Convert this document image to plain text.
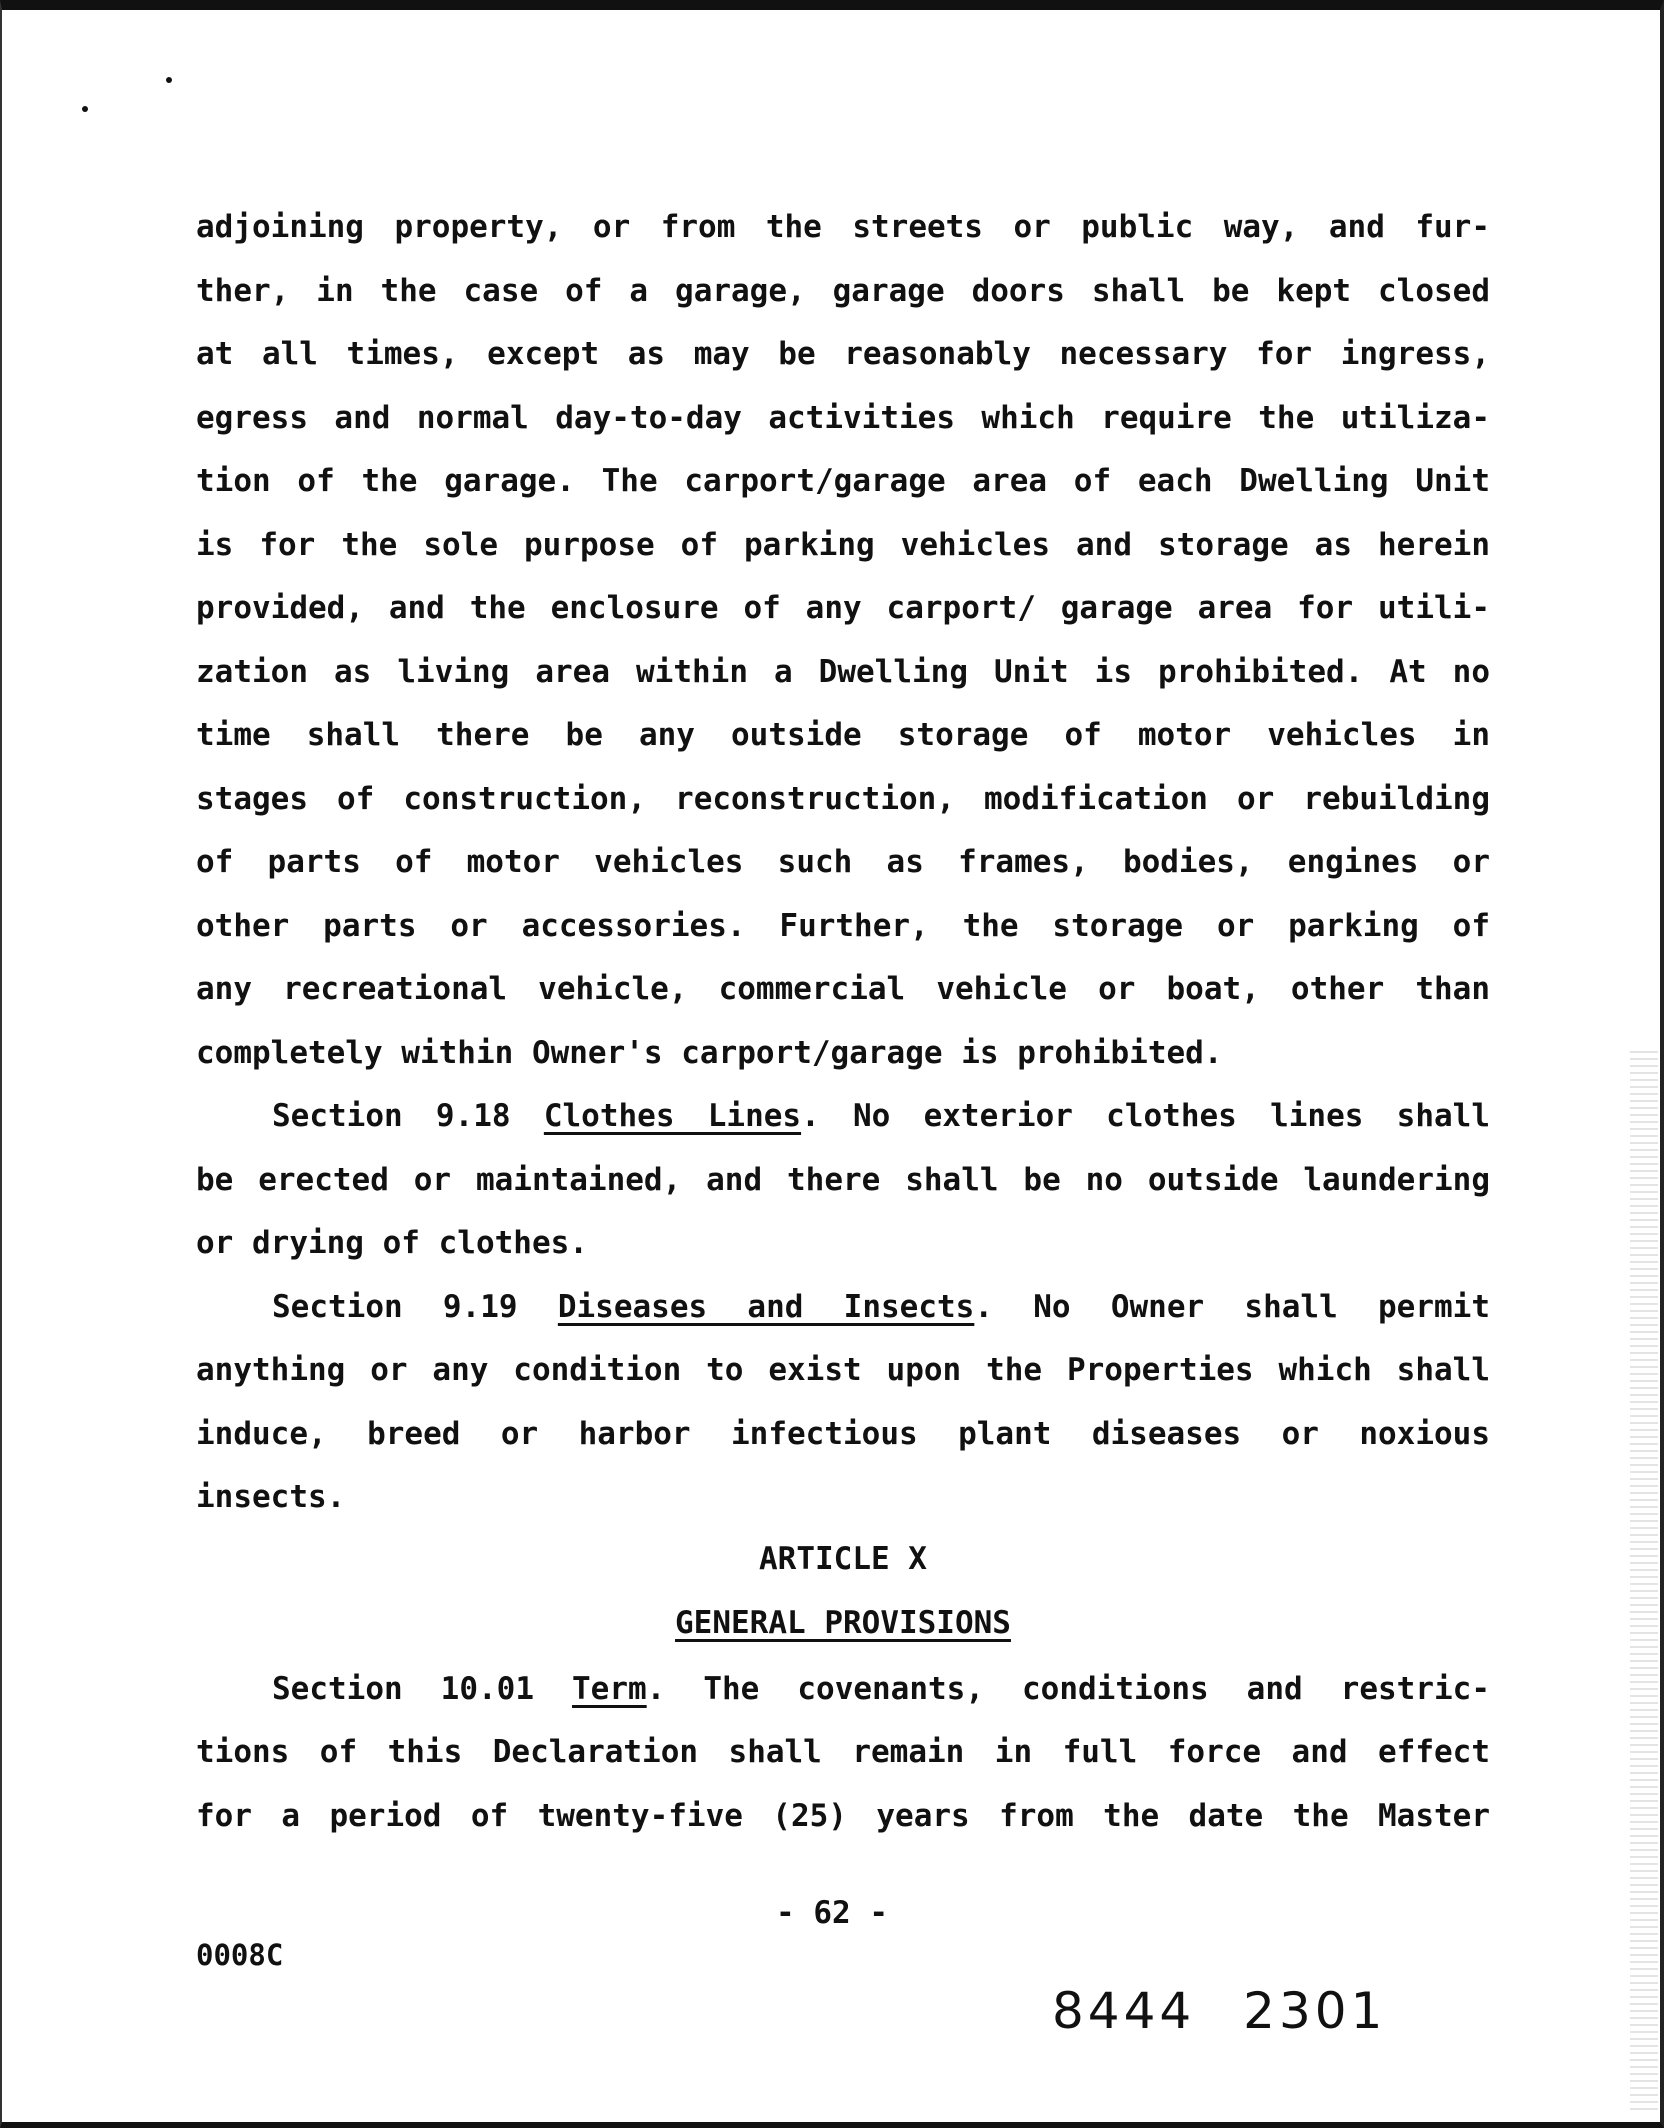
adjoining property, or from the streets or public way, and fur-
ther, in the case of a garage, garage doors shall be kept closed
at all times, except as may be reasonably necessary for ingress,
egress and normal day-to-day activities which require the utiliza-
tion of the garage. The carport/garage area of each Dwelling Unit
is for the sole purpose of parking vehicles and storage as herein
provided, and the enclosure of any carport/ garage area for utili-
zation as living area within a Dwelling Unit is prohibited. At no
time shall there be any outside storage of motor vehicles in
stages of construction, reconstruction, modification or rebuilding
of parts of motor vehicles such as frames, bodies, engines or
other parts or accessories. Further, the storage or parking of
any recreational vehicle, commercial vehicle or boat, other than
completely within Owner's carport/garage is prohibited.
Section 9.18 Clothes Lines. No exterior clothes lines shall
be erected or maintained, and there shall be no outside laundering
or drying of clothes.
Section 9.19 Diseases and Insects. No Owner shall permit
anything or any condition to exist upon the Properties which shall
induce, breed or harbor infectious plant diseases or noxious
insects.
ARTICLE X
GENERAL PROVISIONS
Section 10.01 Term. The covenants, conditions and restric-
tions of this Declaration shall remain in full force and effect
for a period of twenty-five (25) years from the date the Master
- 62 -
0008C
8444 2301
